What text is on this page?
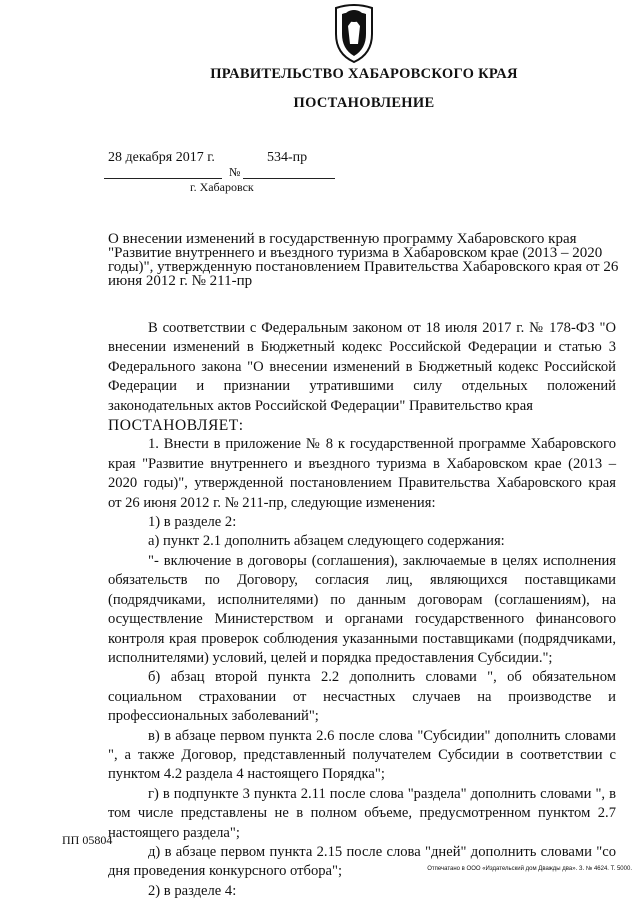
ПРАВИТЕЛЬСТВО ХАБАРОВСКОГО КРАЯ
ПОСТАНОВЛЕНИЕ
28 декабря 2017 г.	534-пр
№
г. Хабаровск
О внесении изменений в государственную программу Хабаровского края "Развитие внутреннего и въездного туризма в Хабаровском крае (2013 – 2020 годы)", утвержденную постановлением Правительства Хабаровского края от 26 июня 2012 г. № 211-пр

В соответствии с Федеральным законом от 18 июля 2017 г. № 178-ФЗ "О внесении изменений в Бюджетный кодекс Российской Федерации и статью 3 Федерального закона "О внесении изменений в Бюджетный кодекс Российской Федерации и признании утратившими силу отдельных положений законодательных актов Российской Федерации" Правительство края

ПОСТАНОВЛЯЕТ:

1. Внести в приложение № 8 к государственной программе Хабаровского края "Развитие внутреннего и въездного туризма в Хабаровском крае (2013 – 2020 годы)", утвержденной постановлением Правительства Хабаровского края от 26 июня 2012 г. № 211-пр, следующие изменения:

1) в разделе 2:

а) пункт 2.1 дополнить абзацем следующего содержания:

"- включение в договоры (соглашения), заключаемые в целях исполнения обязательств по Договору, согласия лиц, являющихся поставщиками (подрядчиками, исполнителями) по данным договорам (соглашениям), на осуществление Министерством и органами государственного финансового контроля края проверок соблюдения указанными поставщиками (подрядчиками, исполнителями) условий, целей и порядка предоставления Субсидии.";

б) абзац второй пункта 2.2 дополнить словами ", об обязательном социальном страховании от несчастных случаев на производстве и профессиональных заболеваний";

в) в абзаце первом пункта 2.6 после слова "Субсидии" дополнить словами ", а также Договор, представленный получателем Субсидии в соответствии с пунктом 4.2 раздела 4 настоящего Порядка";

г) в подпункте 3 пункта 2.11 после слова "раздела" дополнить словами ", в том числе представлены не в полном объеме, предусмотренном пунктом 2.7 настоящего раздела";

д) в абзаце первом пункта 2.15 после слова "дней" дополнить словами "со дня проведения конкурсного отбора";

2) в разделе 4:

ПП 05804
Отпечатано в ООО «Издательский дом Дважды два». З. № 4624. Т. 5000.
